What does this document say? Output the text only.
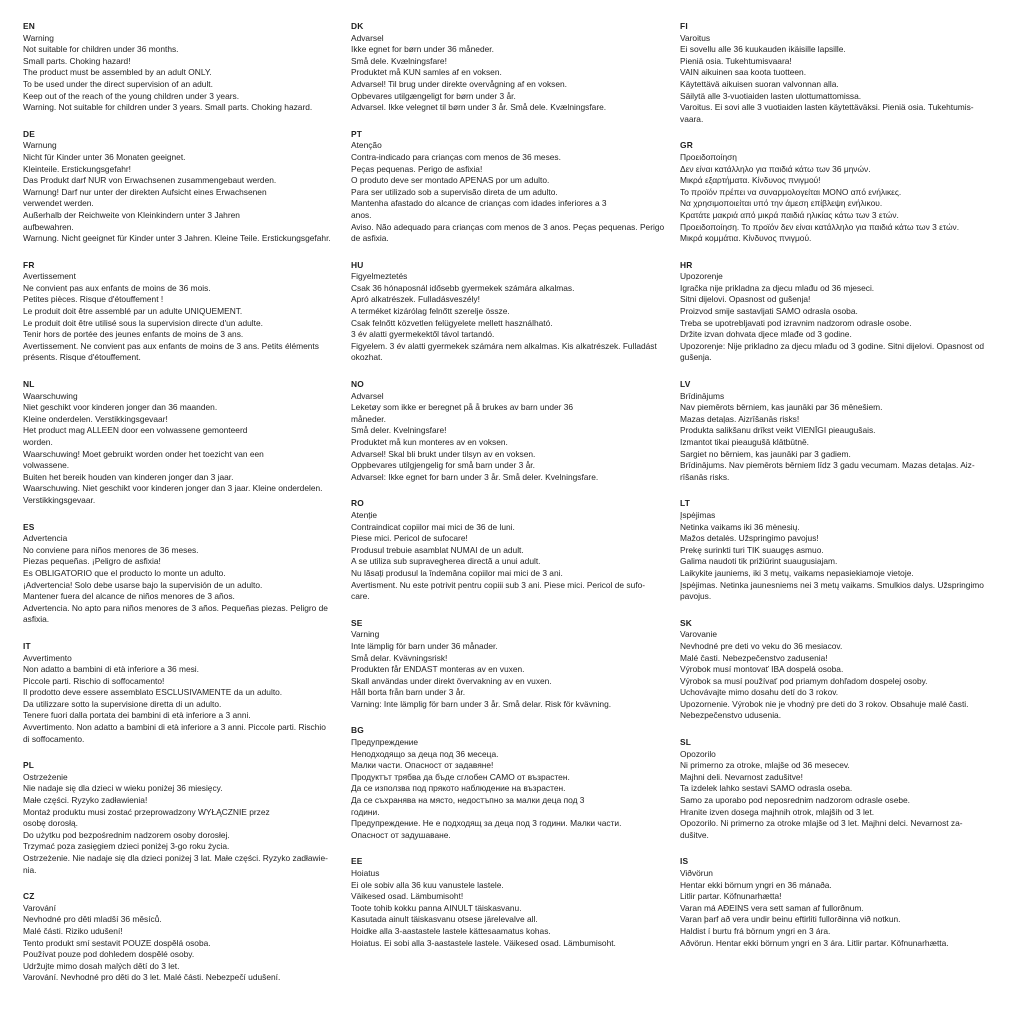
EN
Warning
Not suitable for children under 36 months.
Small parts. Choking hazard!
The product must be assembled by an adult ONLY.
To be used under the direct supervision of an adult.
Keep out of the reach of the young children under 3 years.
Warning. Not suitable for children under 3 years. Small parts. Choking hazard.
DE
Warnung
Nicht für Kinder unter 36 Monaten geeignet.
Kleinteile. Erstickungsgefahr!
Das Produkt darf NUR von Erwachsenen zusammengebaut werden.
Warnung! Darf nur unter der direkten Aufsicht eines Erwachsenen
verwendet werden.
Außerhalb der Reichweite von Kleinkindern unter 3 Jahren
aufbewahren.
Warnung. Nicht geeignet für Kinder unter 3 Jahren. Kleine Teile. Erstickungsgefahr.
FR
Avertissement
Ne convient pas aux enfants de moins de 36 mois.
Petites pièces. Risque d'étouffement !
Le produit doit être assemblé par un adulte UNIQUEMENT.
Le produit doit être utilisé sous la supervision directe d'un adulte.
Tenir hors de portée des jeunes enfants de moins de 3 ans.
Avertissement. Ne convient pas aux enfants de moins de 3 ans. Petits éléments
présents. Risque d'étouffement.
NL
Waarschuwing
Niet geschikt voor kinderen jonger dan 36 maanden.
Kleine onderdelen. Verstikkingsgevaar!
Het product mag ALLEEN door een volwassene gemonteerd
worden.
Waarschuwing! Moet gebruikt worden onder het toezicht van een
volwassene.
Buiten het bereik houden van kinderen jonger dan 3 jaar.
Waarschuwing. Niet geschikt voor kinderen jonger dan 3 jaar. Kleine onderdelen.
Verstikkingsgevaar.
ES
Advertencia
No conviene para niños menores de 36 meses.
Piezas pequeñas. ¡Peligro de asfixia!
Es OBLIGATORIO que el producto lo monte un adulto.
¡Advertencia! Solo debe usarse bajo la supervisión de un adulto.
Mantener fuera del alcance de niños menores de 3 años.
Advertencia. No apto para niños menores de 3 años. Pequeñas piezas. Peligro de
asfixia.
IT
Avvertimento
Non adatto a bambini di età inferiore a 36 mesi.
Piccole parti. Rischio di soffocamento!
Il prodotto deve essere assemblato ESCLUSIVAMENTE da un adulto.
Da utilizzare sotto la supervisione diretta di un adulto.
Tenere fuori dalla portata dei bambini di età inferiore a 3 anni.
Avvertimento. Non adatto a bambini di età inferiore a 3 anni. Piccole parti. Rischio
di soffocamento.
PL
Ostrzeżenie
Nie nadaje się dla dzieci w wieku poniżej 36 miesięcy.
Małe części. Ryzyko zadławienia!
Montaż produktu musi zostać przeprowadzony WYŁĄCZNIE przez
osobę dorosłą.
Do użytku pod bezpośrednim nadzorem osoby dorosłej.
Trzymać poza zasięgiem dzieci poniżej 3-go roku życia.
Ostrzeżenie. Nie nadaje się dla dzieci poniżej 3 lat. Małe części. Ryzyko zadławie-
nia.
CZ
Varování
Nevhodné pro děti mladší 36 měsíců.
Malé části. Riziko udušení!
Tento produkt smí sestavit POUZE dospělá osoba.
Používat pouze pod dohledem dospělé osoby.
Udržujte mimo dosah malých dětí do 3 let.
Varování. Nevhodné pro děti do 3 let. Malé části. Nebezpečí udušení.
DK
Advarsel
Ikke egnet for børn under 36 måneder.
Små dele. Kvælningsfare!
Produktet må KUN samles af en voksen.
Advarsel! Til brug under direkte overvågning af en voksen.
Opbevares utilgængeligt for børn under 3 år.
Advarsel. Ikke velegnet til børn under 3 år. Små dele. Kvælningsfare.
PT
Atenção
Contra-indicado para crianças com menos de 36 meses.
Peças pequenas. Perigo de asfixia!
O produto deve ser montado APENAS por um adulto.
Para ser utilizado sob a supervisão direta de um adulto.
Mantenha afastado do alcance de crianças com idades inferiores a 3
anos.
Aviso. Não adequado para crianças com menos de 3 anos. Peças pequenas. Perigo
de asfixia.
HU
Figyelmeztetés
Csak 36 hónaposnál idősebb gyermekek számára alkalmas.
Apró alkatrészek. Fulladásveszély!
A terméket kizárólag felnőtt szerelje össze.
Csak felnőtt közvetlen felügyelete mellett használható.
3 év alatti gyermekektől távol tartandó.
Figyelem. 3 év alatti gyermekek számára nem alkalmas. Kis alkatrészek. Fulladást
okozhat.
NO
Advarsel
Leketøy som ikke er beregnet på å brukes av barn under 36
måneder.
Små deler. Kvelningsfare!
Produktet må kun monteres av en voksen.
Advarsel! Skal bli brukt under tilsyn av en voksen.
Oppbevares utilgjengelig for små barn under 3 år.
Advarsel: Ikke egnet for barn under 3 år. Små deler. Kvelningsfare.
RO
Atenție
Contraindicat copiilor mai mici de 36 de luni.
Piese mici. Pericol de sufocare!
Produsul trebuie asamblat NUMAI de un adult.
A se utiliza sub supravegherea directă a unui adult.
Nu lăsați produsul la îndemâna copiilor mai mici de 3 ani.
Avertisment. Nu este potrivit pentru copiii sub 3 ani. Piese mici. Pericol de sufo-
care.
SE
Varning
Inte lämplig för barn under 36 månader.
Små delar. Kvävningsrisk!
Produkten får ENDAST monteras av en vuxen.
Skall användas under direkt övervakning av en vuxen.
Håll borta från barn under 3 år.
Varning: Inte lämplig för barn under 3 år. Små delar. Risk för kvävning.
BG
Предупреждение
Неподходящо за деца под 36 месеца.
Малки части. Опасност от задавяне!
Продуктът трябва да бъде сглобен САМО от възрастен.
Да се използва под прякото наблюдение на възрастен.
Да се съхранява на място, недостъпно за малки деца под 3
години.
Предупреждение. Не е подходящ за деца под 3 години. Малки части.
Опасност от задушаване.
EE
Hoiatus
Ei ole sobiv alla 36 kuu vanustele lastele.
Väikesed osad. Lämbumisoht!
Toote tohib kokku panna AINULT täiskasvanu.
Kasutada ainult täiskasvanu otsese järelevalve all.
Hoidke alla 3-aastastele lastele kättesaamatus kohas.
Hoiatus. Ei sobi alla 3-aastastele lastele. Väikesed osad. Lämbumisoht.
FI
Varoitus
Ei sovellu alle 36 kuukauden ikäisille lapsille.
Pieniä osia. Tukehtumisvaara!
VAIN aikuinen saa koota tuotteen.
Käytettävä aikuisen suoran valvonnan alla.
Säilytä alle 3-vuotiaiden lasten ulottumattomissa.
Varoitus. Ei sovi alle 3 vuotiaiden lasten käytettäväksi. Pieniä osia. Tukehtumis-
vaara.
GR
Προειδοποίηση
Δεν είναι κατάλληλο για παιδιά κάτω των 36 μηνών.
Μικρά εξαρτήματα. Κίνδυνος πνιγμού!
Το προϊόν πρέπει να συναρμολογείται ΜΟΝΟ από ενήλικες.
Να χρησιμοποιείται υπό την άμεση επίβλεψη ενήλικου.
Κρατάτε μακριά από μικρά παιδιά ηλικίας κάτω των 3 ετών.
Προειδοποίηση. Το προϊόν δεν είναι κατάλληλο για παιδιά κάτω των 3 ετών.
Μικρά κομμάτια. Κίνδυνος πνιγμού.
HR
Upozorenje
Igračka nije prikladna za djecu mlađu od 36 mjeseci.
Sitni dijelovi. Opasnost od gušenja!
Proizvod smije sastavljati SAMO odrasla osoba.
Treba se upotrebljavati pod izravnim nadzorom odrasle osobe.
Držite izvan dohvata djece mlađe od 3 godine.
Upozorenje: Nije prikladno za djecu mlađu od 3 godine. Sitni dijelovi. Opasnost od
gušenja.
LV
Brīdinājums
Nav piemērots bērniem, kas jaunāki par 36 mēnešiem.
Mazas detaļas. Aizrīšanās risks!
Produkta salikšanu drīkst veikt VIENĪGI pieaugušais.
Izmantot tikai pieaugušā klātbūtnē.
Sargiet no bērniem, kas jaunāki par 3 gadiem.
Brīdinājums. Nav piemērots bērniem līdz 3 gadu vecumam. Mazas detaļas. Aiz-
rīšanās risks.
LT
Įspėjimas
Netinka vaikams iki 36 mėnesių.
Mažos detalės. Užspringimo pavojus!
Prekę surinkti turi TIK suaugęs asmuo.
Galima naudoti tik prižiūrint suaugusiajam.
Laikykite jauniems, iki 3 metų, vaikams nepasiekiamoje vietoje.
Įspėjimas. Netinka jaunesniems nei 3 metų vaikams. Smulkios dalys. Užspringimo
pavojus.
SK
Varovanie
Nevhodné pre deti vo veku do 36 mesiacov.
Malé časti. Nebezpečenstvo zadusenia!
Výrobok musí montovať IBA dospelá osoba.
Výrobok sa musí používať pod priamym dohľadom dospelej osoby.
Uchovávajte mimo dosahu detí do 3 rokov.
Upozornenie. Výrobok nie je vhodný pre deti do 3 rokov. Obsahuje malé časti.
Nebezpečenstvo udusenia.
SL
Opozorilo
Ni primerno za otroke, mlajše od 36 mesecev.
Majhni deli. Nevarnost zadušitve!
Ta izdelek lahko sestavi SAMO odrasla oseba.
Samo za uporabo pod neposrednim nadzorom odrasle osebe.
Hranite izven dosega majhnih otrok, mlajših od 3 let.
Opozorilo. Ni primerno za otroke mlajše od 3 let. Majhni delci. Nevarnost za-
dušitve.
IS
Viðvörun
Hentar ekki börnum yngri en 36 mánaða.
Litlir partar. Köfnunarhætta!
Varan má AÐEINS vera sett saman af fullorðnum.
Varan þarf að vera undir beinu eftirliti fullorðinna við notkun.
Haldist í burtu frá börnum yngri en 3 ára.
Aðvörun. Hentar ekki börnum yngri en 3 ára. Litlir partar. Köfnunarhætta.
